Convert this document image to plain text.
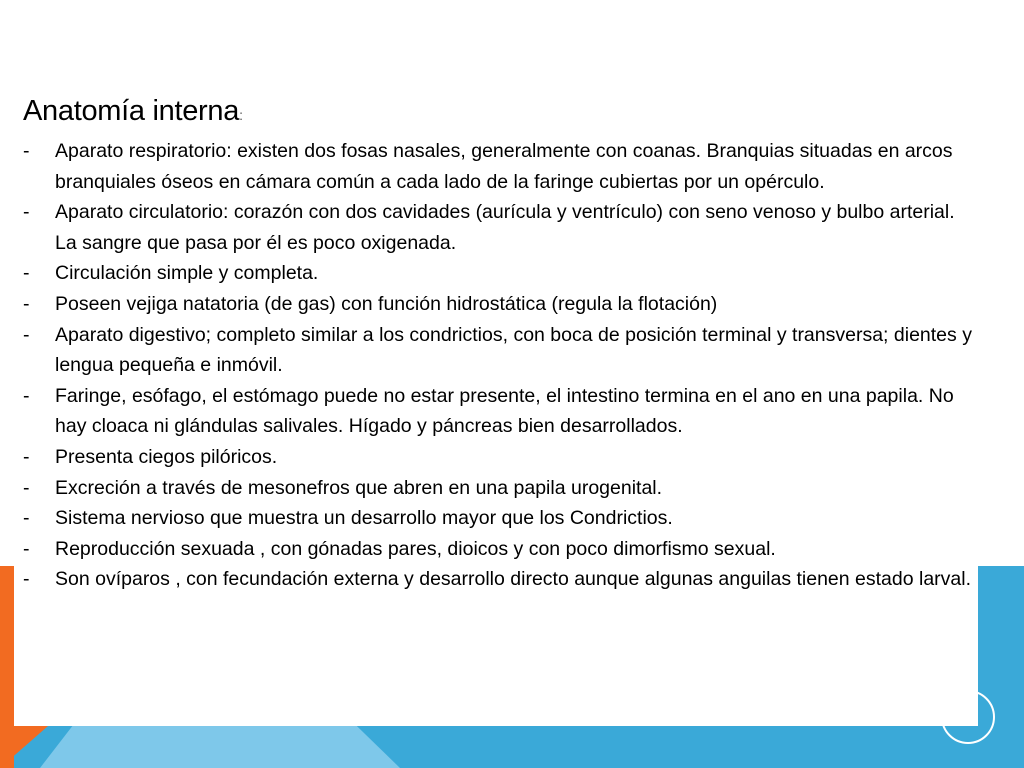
Anatomía interna:
- Aparato respiratorio: existen dos fosas nasales, generalmente con coanas. Branquias situadas en arcos branquiales óseos en cámara común a cada lado de la faringe cubiertas por un opérculo.
- Aparato circulatorio: corazón con dos cavidades (aurícula y ventrículo) con seno venoso y bulbo arterial. La sangre que pasa por él es poco oxigenada.
- Circulación simple y completa.
- Poseen vejiga natatoria (de gas) con función hidrostática (regula la flotación)
- Aparato digestivo; completo similar a los condrictios, con boca de posición terminal y transversa; dientes y lengua pequeña e inmóvil.
- Faringe, esófago, el estómago puede no estar presente, el intestino termina en el ano en una papila. No hay cloaca ni glándulas salivales. Hígado y páncreas bien desarrollados.
- Presenta ciegos pilóricos.
- Excreción a través de mesonefros que abren en una papila urogenital.
- Sistema nervioso que muestra un desarrollo mayor que los Condrictios.
- Reproducción sexuada , con gónadas pares, dioicos y con poco dimorfismo sexual.
- Son ovíparos , con fecundación externa y desarrollo directo aunque algunas anguilas tienen estado larval.
15
